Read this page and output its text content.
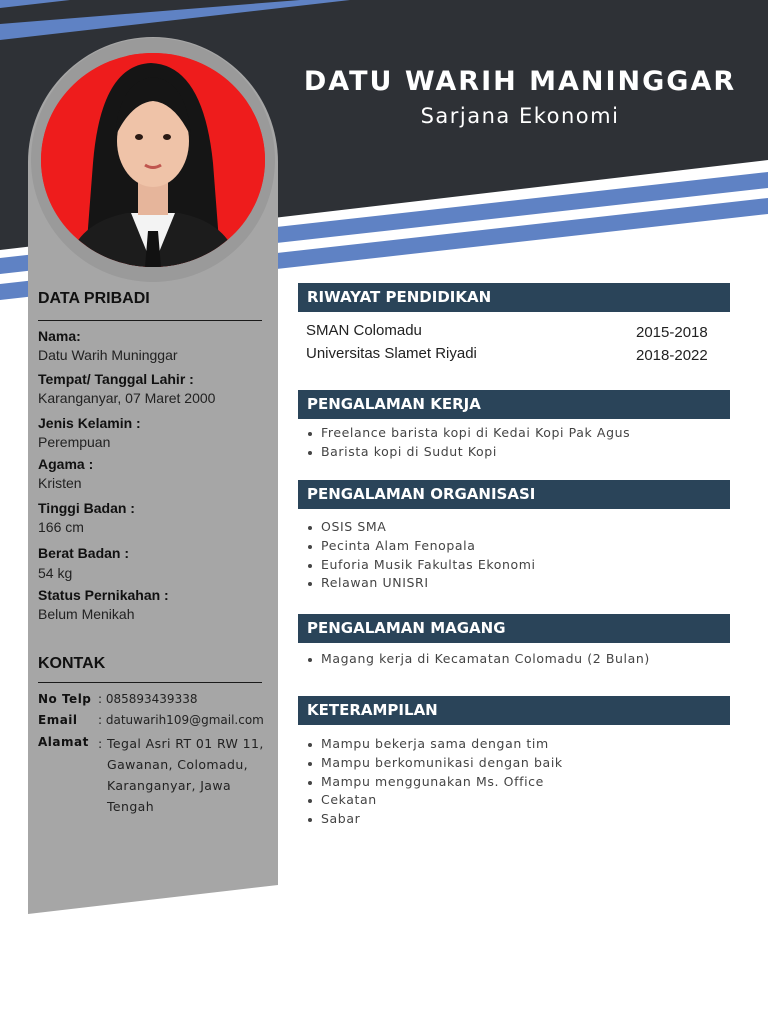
DATU WARIH MANINGGAR
Sarjana Ekonomi
DATA PRIBADI
Nama:
Datu Warih Muninggar
Tempat/ Tanggal Lahir :
Karanganyar, 07 Maret 2000
Jenis Kelamin :
Perempuan
Agama :
Kristen
Tinggi Badan :
166 cm
Berat Badan :
54 kg
Status Pernikahan :
Belum Menikah
KONTAK
No Telp : 085893439338
Email : datuwarih109@gmail.com
Alamat : Tegal Asri RT 01 RW 11,
Gawanan, Colomadu,
Karanganyar, Jawa
Tengah
RIWAYAT PENDIDIKAN
SMAN Colomadu	2015-2018
Universitas Slamet Riyadi	2018-2022
PENGALAMAN KERJA
Freelance barista kopi di Kedai Kopi Pak Agus
Barista kopi di Sudut Kopi
PENGALAMAN ORGANISASI
OSIS SMA
Pecinta Alam Fenopala
Euforia Musik Fakultas Ekonomi
Relawan UNISRI
PENGALAMAN MAGANG
Magang kerja di Kecamatan Colomadu (2 Bulan)
KETERAMPILAN
Mampu bekerja sama dengan tim
Mampu berkomunikasi dengan baik
Mampu menggunakan Ms. Office
Cekatan
Sabar
